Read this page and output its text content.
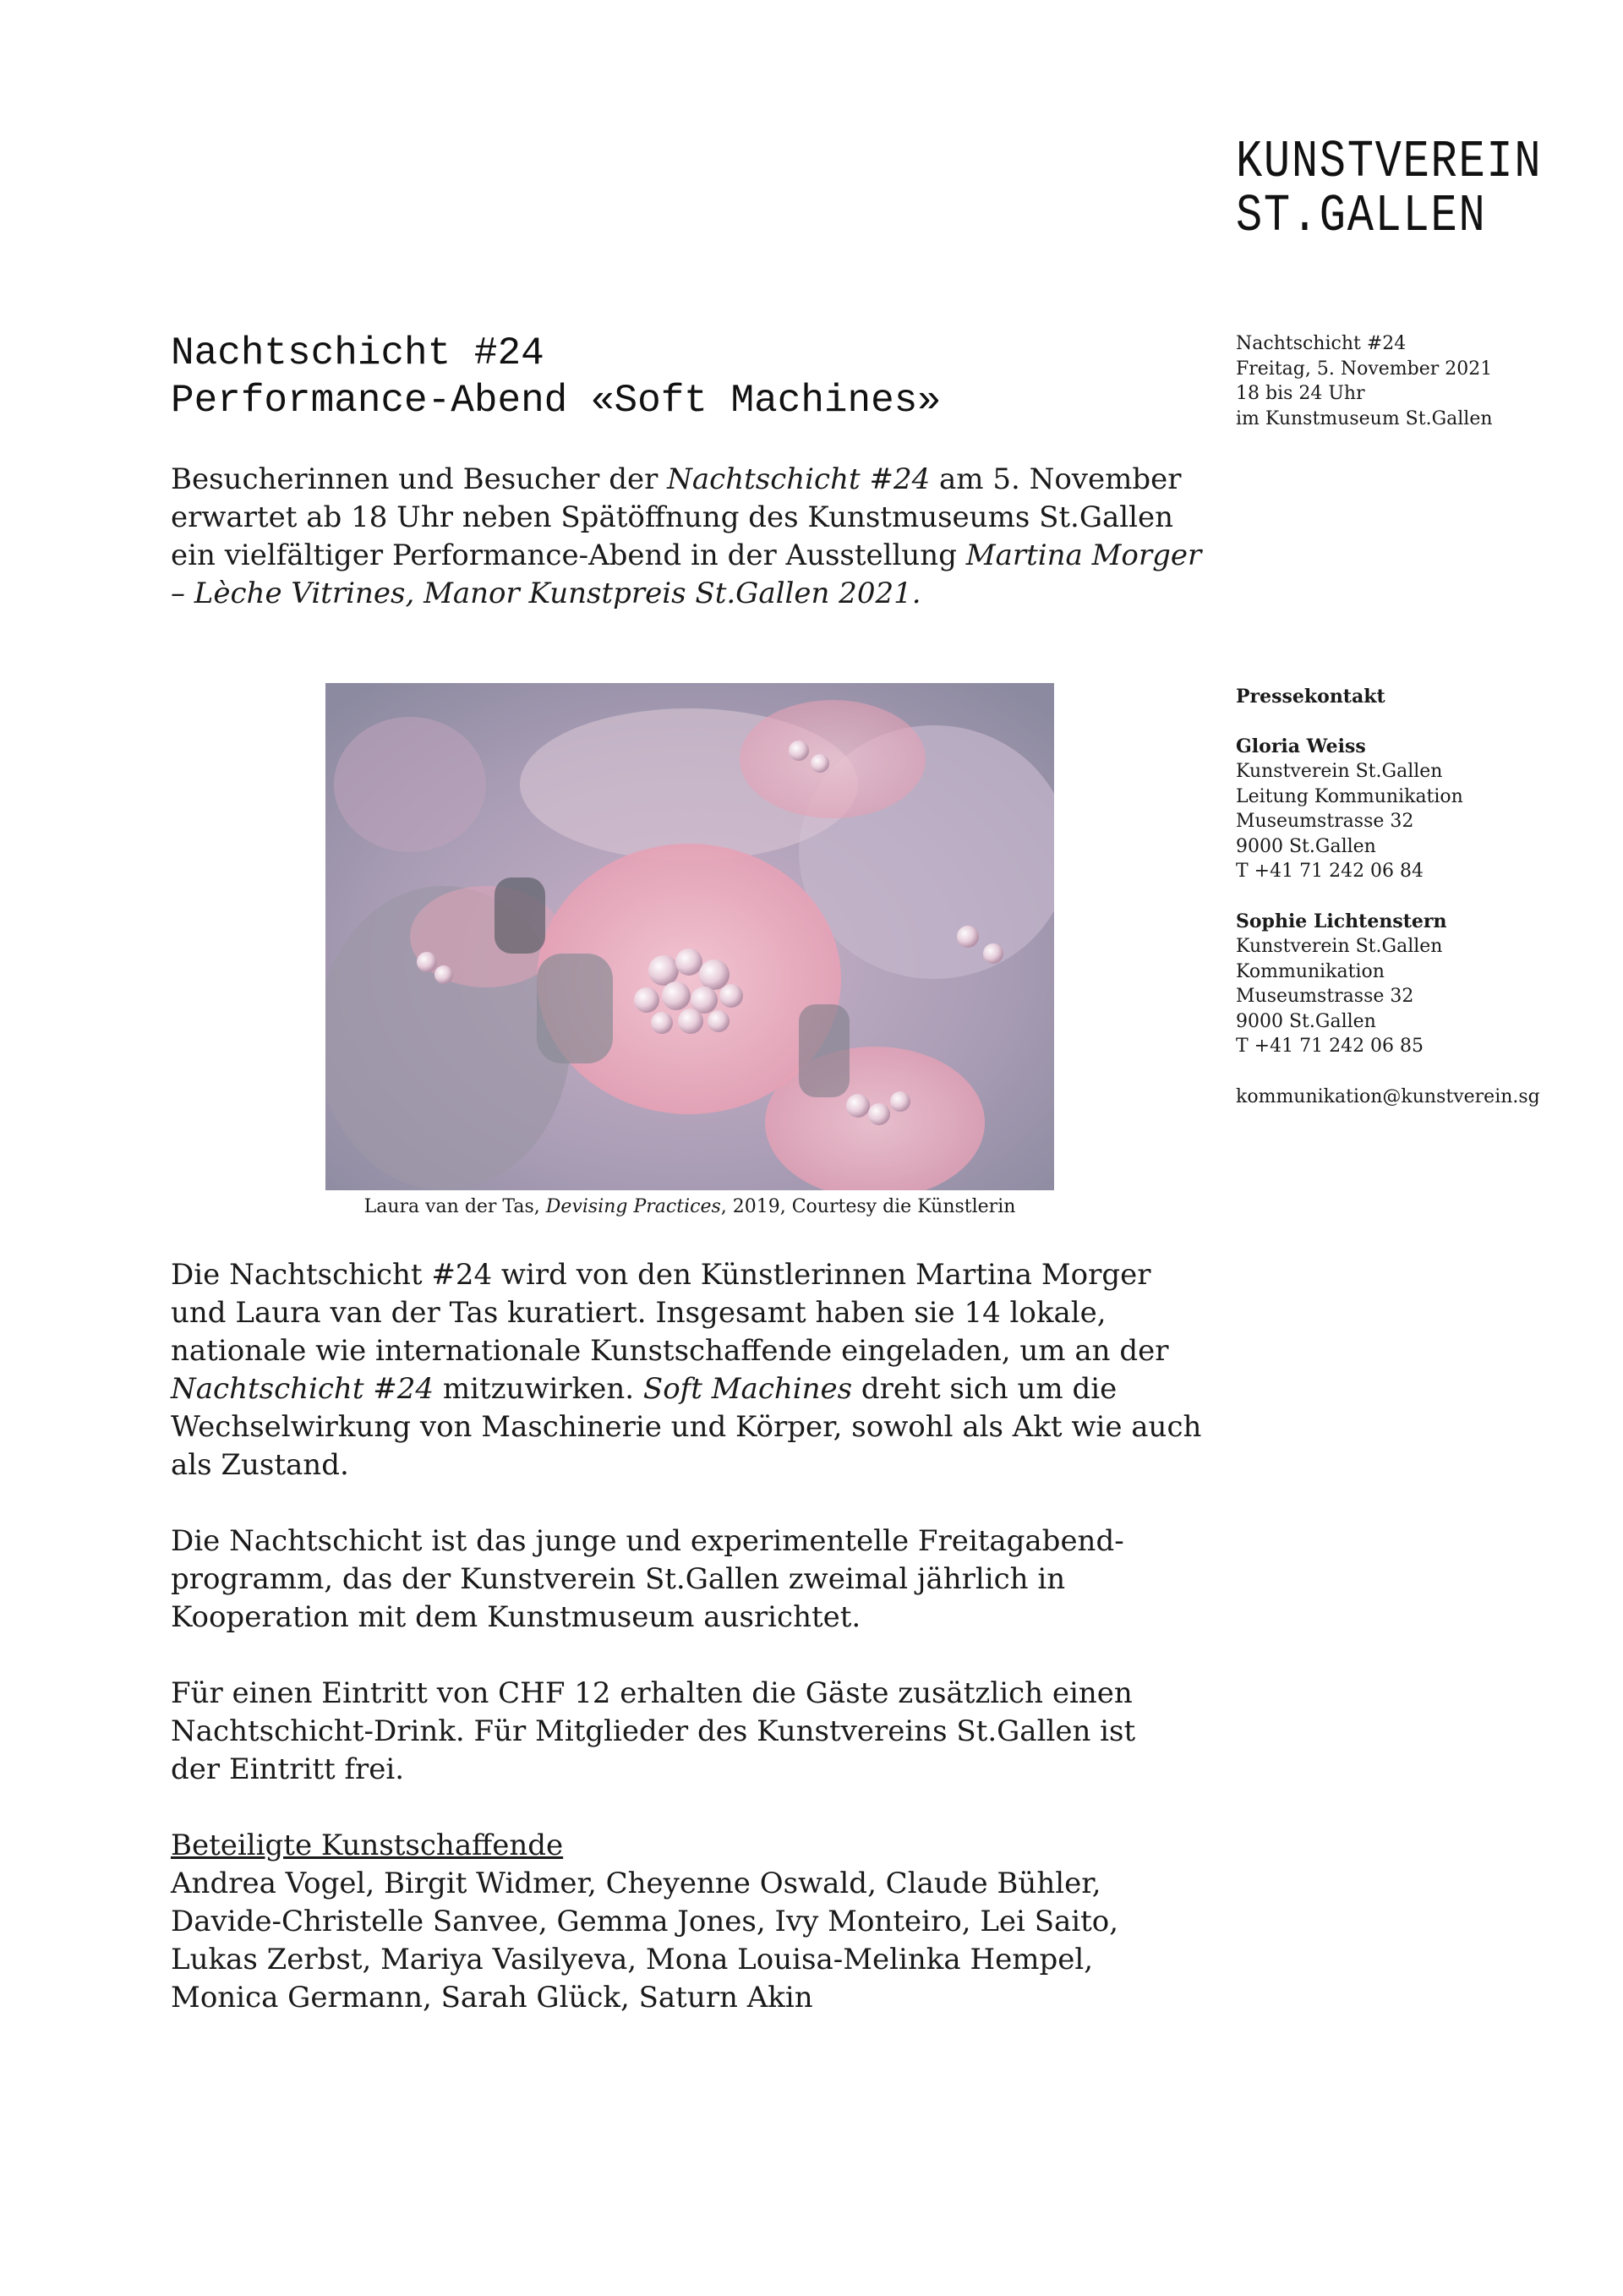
KUNSTVEREIN
ST.GALLEN
Nachtschicht #24
Performance-Abend «Soft Machines»
Nachtschicht #24
Freitag, 5. November 2021
18 bis 24 Uhr
im Kunstmuseum St.Gallen
Besucherinnen und Besucher der Nachtschicht #24 am 5. November
erwartet ab 18 Uhr neben Spätöffnung des Kunstmuseums St.Gallen
ein vielfältiger Performance-Abend in der Ausstellung Martina Morger
– Lèche Vitrines, Manor Kunstpreis St.Gallen 2021.
Laura van der Tas, Devising Practices, 2019, Courtesy die Künstlerin
Pressekontakt
Gloria Weiss
Kunstverein St.Gallen
Leitung Kommunikation
Museumstrasse 32
9000 St.Gallen
T +41 71 242 06 84
Sophie Lichtenstern
Kunstverein St.Gallen
Kommunikation
Museumstrasse 32
9000 St.Gallen
T +41 71 242 06 85
kommunikation@kunstverein.sg

Die Nachtschicht #24 wird von den Künstlerinnen Martina Morger
und Laura van der Tas kuratiert. Insgesamt haben sie 14 lokale,
nationale wie internationale Kunstschaffende eingeladen, um an der
Nachtschicht #24 mitzuwirken. Soft Machines dreht sich um die
Wechselwirkung von Maschinerie und Körper, sowohl als Akt wie auch
als Zustand.

Die Nachtschicht ist das junge und experimentelle Freitagabend-
programm, das der Kunstverein St.Gallen zweimal jährlich in
Kooperation mit dem Kunstmuseum ausrichtet.

Für einen Eintritt von CHF 12 erhalten die Gäste zusätzlich einen
Nachtschicht-Drink. Für Mitglieder des Kunstvereins St.Gallen ist
der Eintritt frei.

Beteiligte Kunstschaffende
Andrea Vogel, Birgit Widmer, Cheyenne Oswald, Claude Bühler,
Davide-Christelle Sanvee, Gemma Jones, Ivy Monteiro, Lei Saito,
Lukas Zerbst, Mariya Vasilyeva, Mona Louisa-Melinka Hempel,
Monica Germann, Sarah Glück, Saturn Akin
